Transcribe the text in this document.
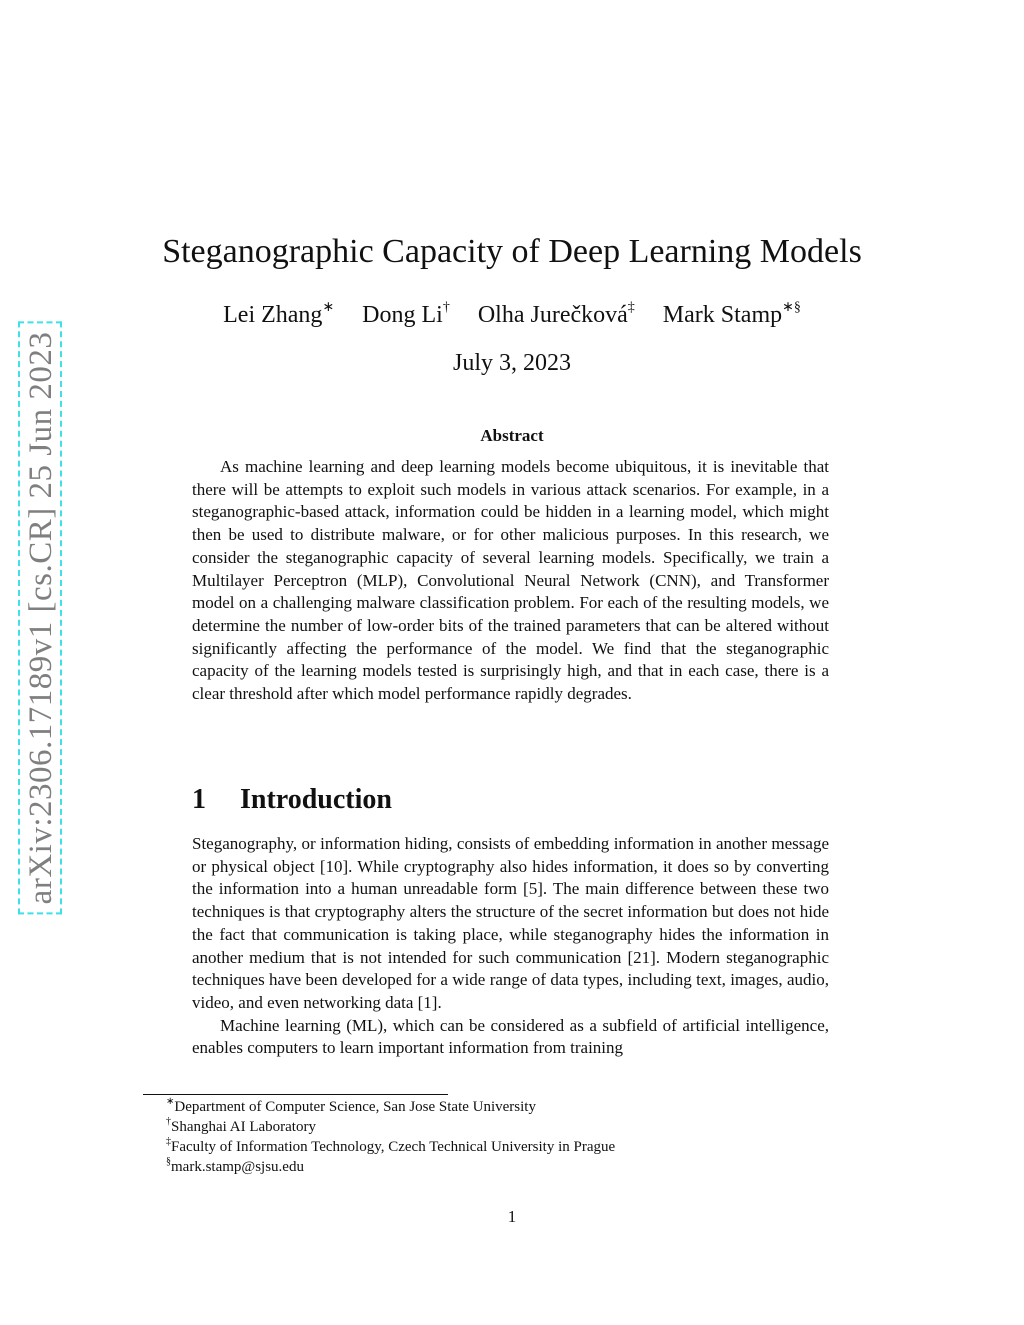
arXiv:2306.17189v1 [cs.CR] 25 Jun 2023
Steganographic Capacity of Deep Learning Models
Lei Zhang∗ Dong Li† Olha Jurečková‡ Mark Stamp∗§
July 3, 2023
Abstract

As machine learning and deep learning models become ubiquitous, it is inevitable that there will be attempts to exploit such models in various attack scenarios. For example, in a steganographic-based attack, information could be hidden in a learning model, which might then be used to distribute malware, or for other malicious purposes. In this research, we consider the steganographic capacity of several learning models. Specifically, we train a Multilayer Perceptron (MLP), Convolutional Neural Network (CNN), and Transformer model on a challenging malware classification problem. For each of the resulting models, we determine the number of low-order bits of the trained parameters that can be altered without significantly affecting the performance of the model. We find that the steganographic capacity of the learning models tested is surprisingly high, and that in each case, there is a clear threshold after which model performance rapidly degrades.

1 Introduction

Steganography, or information hiding, consists of embedding information in another message or physical object [10]. While cryptography also hides information, it does so by converting the information into a human unreadable form [5]. The main difference between these two techniques is that cryptography alters the structure of the secret information but does not hide the fact that communication is taking place, while steganography hides the information in another medium that is not intended for such communication [21]. Modern steganographic techniques have been developed for a wide range of data types, including text, images, audio, video, and even networking data [1].

Machine learning (ML), which can be considered as a subfield of artificial intelligence, enables computers to learn important information from training

∗Department of Computer Science, San Jose State University
†Shanghai AI Laboratory
‡Faculty of Information Technology, Czech Technical University in Prague
§mark.stamp@sjsu.edu
1
